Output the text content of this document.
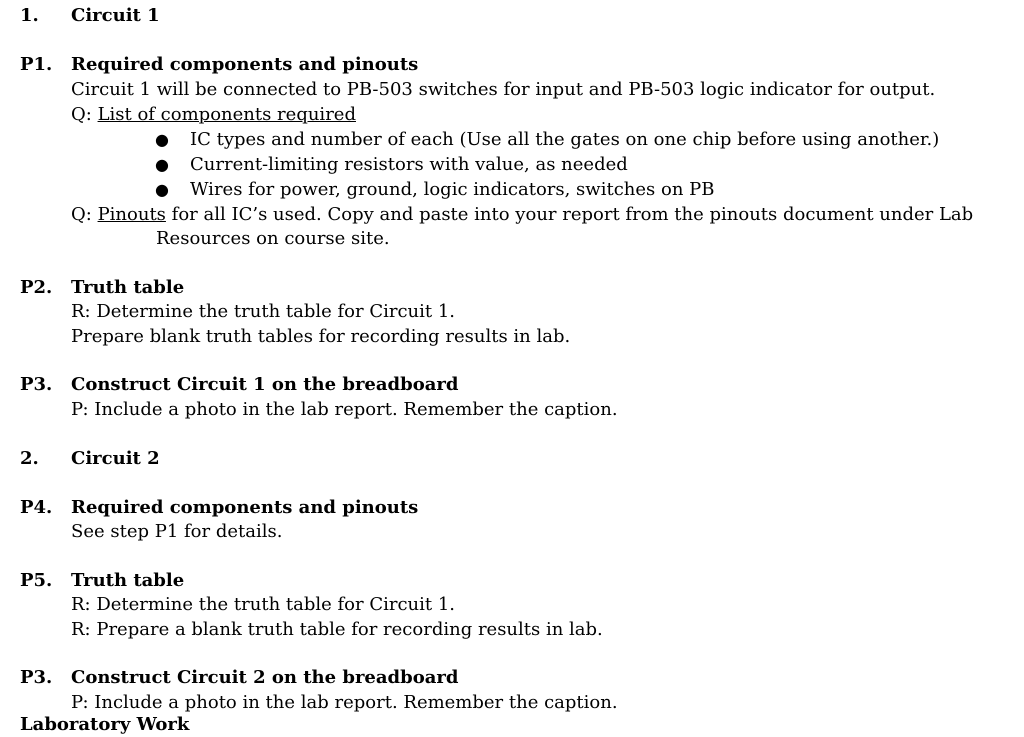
1. Circuit 1
P1. Required components and pinouts
Circuit 1 will be connected to PB-503 switches for input and PB-503 logic indicator for output.
Q: List of components required
● IC types and number of each (Use all the gates on one chip before using another.)
● Current-limiting resistors with value, as needed
● Wires for power, ground, logic indicators, switches on PB
Q: Pinouts for all IC’s used. Copy and paste into your report from the pinouts document under Lab
Resources on course site.
P2. Truth table
R: Determine the truth table for Circuit 1.
Prepare blank truth tables for recording results in lab.
P3. Construct Circuit 1 on the breadboard
P: Include a photo in the lab report. Remember the caption.
2. Circuit 2
P4. Required components and pinouts
See step P1 for details.
P5. Truth table
R: Determine the truth table for Circuit 1.
R: Prepare a blank truth table for recording results in lab.
P3. Construct Circuit 2 on the breadboard
P: Include a photo in the lab report. Remember the caption.
Laboratory Work
